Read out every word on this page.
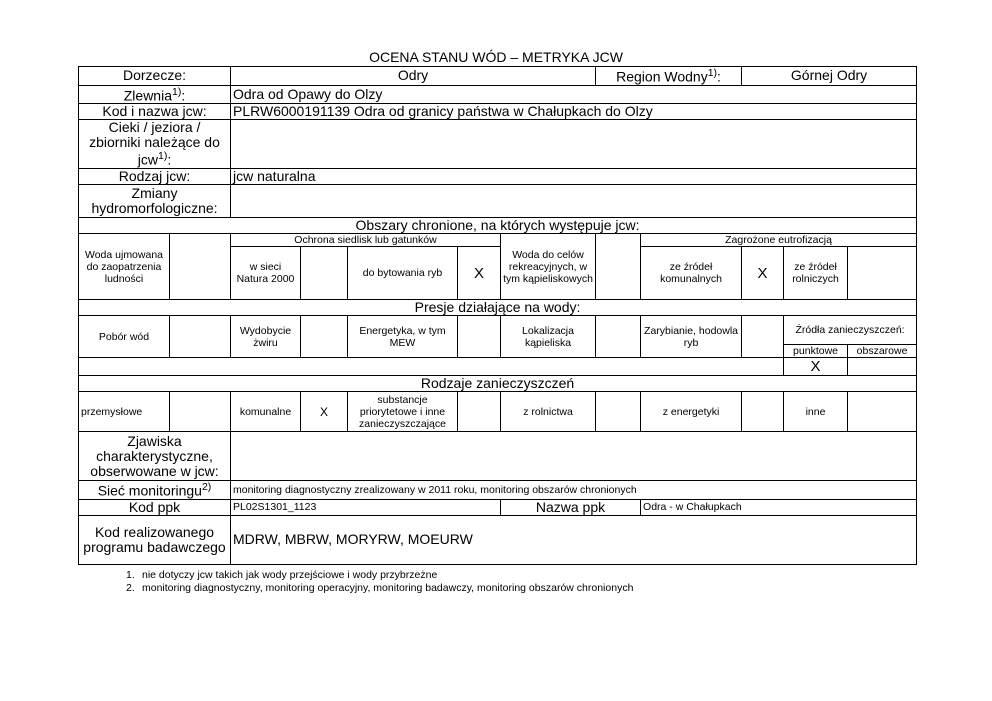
OCENA STANU WÓD – METRYKA JCW
Dorzecze:		Odry					Region Wodny$^{1)}$:		Górnej Odry		
Zlewnia$^{1)}$:		Odra od Opawy do Olzy									
Kod i nazwa jcw:		PLRW6000191139 Odra od granicy państwa w Chałupkach do Olzy									
Cieki / jeziora / zbiorniki należące do jcw$^{1)}$:											
Rodzaj jcw:		jcw naturalna									
Zmiany hydromorfologiczne:											
Obszary chronione, na których występuje jcw:											
Woda ujmowana do zaopatrzenia ludności		Ochrona siedlisk lub gatunków				Woda do celów rekreacyjnych, w tym kąpieliskowych		Zagrożone eutrofizacją			
		w sieci Natura 2000		do bytowania ryb	X			ze źródeł komunalnych	X	ze źródeł rolniczych	
Presje działające na wody:											
Pobór wód		Wydobycie żwiru		Energetyka, w tym MEW		Lokalizacja kąpieliska		Zarybianie, hodowla ryb		Źródła zanieczyszczeń:	
										punktowe	obszarowe
										X	
Rodzaje zanieczyszczeń											
przemysłowe		komunalne	X	substancje priorytetowe i inne zanieczyszczające		z rolnictwa		z energetyki		inne	
Zjawiska charakterystyczne, obserwowane w jcw:											
Sieć monitoringu$^{2)}$		monitoring diagnostyczny zrealizowany w 2011 roku, monitoring obszarów chronionych									
Kod ppk		PL02S1301_1123				Nazwa ppk		Odra - w Chałupkach			
Kod realizowanego programu badawczego		MDRW, MBRW, MORYRW, MOEURW									
1. nie dotyczy jcw takich jak wody przejściowe i wody przybrzeżne
2. monitoring diagnostyczny, monitoring operacyjny, monitoring badawczy, monitoring obszarów chronionych
